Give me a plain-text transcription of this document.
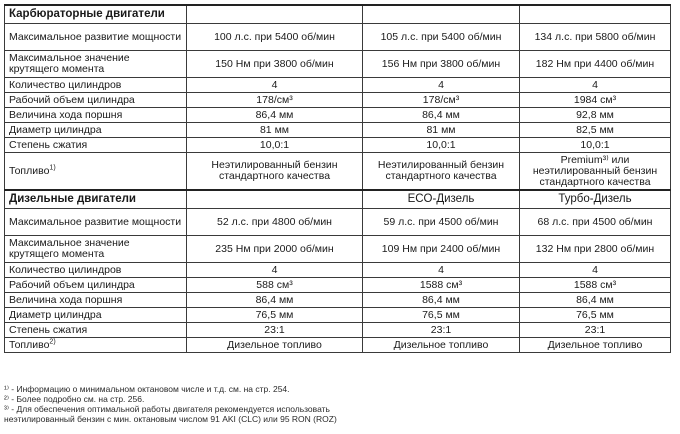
Карбюраторные двигатели			
Максимальное развитие мощности	100 л.с. при 5400 об/мин	105 л.с. при 5400 об/мин	134 л.с. при 5800 об/мин
Максимальное значение крутящего момента	150 Нм при 3800 об/мин	156 Нм при 3800 об/мин	182 Нм при 4400 об/мин
Количество цилиндров	4	4	4
Рабочий объем цилиндра	178/см³	178/см³	1984 см³
Величина хода поршня	86,4 мм	86,4 мм	92,8 мм
Диаметр цилиндра	81 мм	81 мм	82,5 мм
Степень сжатия	10,0:1	10,0:1	10,0:1
Топливо$^{1)}$	Неэтилированный бензин стандартного качества	Неэтилированный бензин стандартного качества	Premium³⁾ или неэтилированный бензин стандартного качества
Дизельные двигатели		ECO-Дизель	Турбо-Дизель
Максимальное развитие мощности	52 л.с. при 4800 об/мин	59 л.с. при 4500 об/мин	68 л.с. при 4500 об/мин
Максимальное значение крутящего момента	235 Нм при 2000 об/мин	109 Нм при 2400 об/мин	132 Нм при 2800 об/мин
Количество цилиндров	4	4	4
Рабочий объем цилиндра	588 см³	1588 см³	1588 см³
Величина хода поршня	86,4 мм	86,4 мм	86,4 мм
Диаметр цилиндра	76,5 мм	76,5 мм	76,5 мм
Степень сжатия	23:1	23:1	23:1
Топливо$^{2)}$	Дизельное топливо	Дизельное топливо	Дизельное топливо
¹⁾ - Информацию о минимальном октановом числе и т.д. см. на стр. 254.
²⁾ - Более подробно см. на стр. 256.
³⁾ - Для обеспечения оптимальной работы двигателя рекомендуется использовать
неэтилированный бензин с мин. октановым числом 91 AKI (CLC) или 95 RON (ROZ)
